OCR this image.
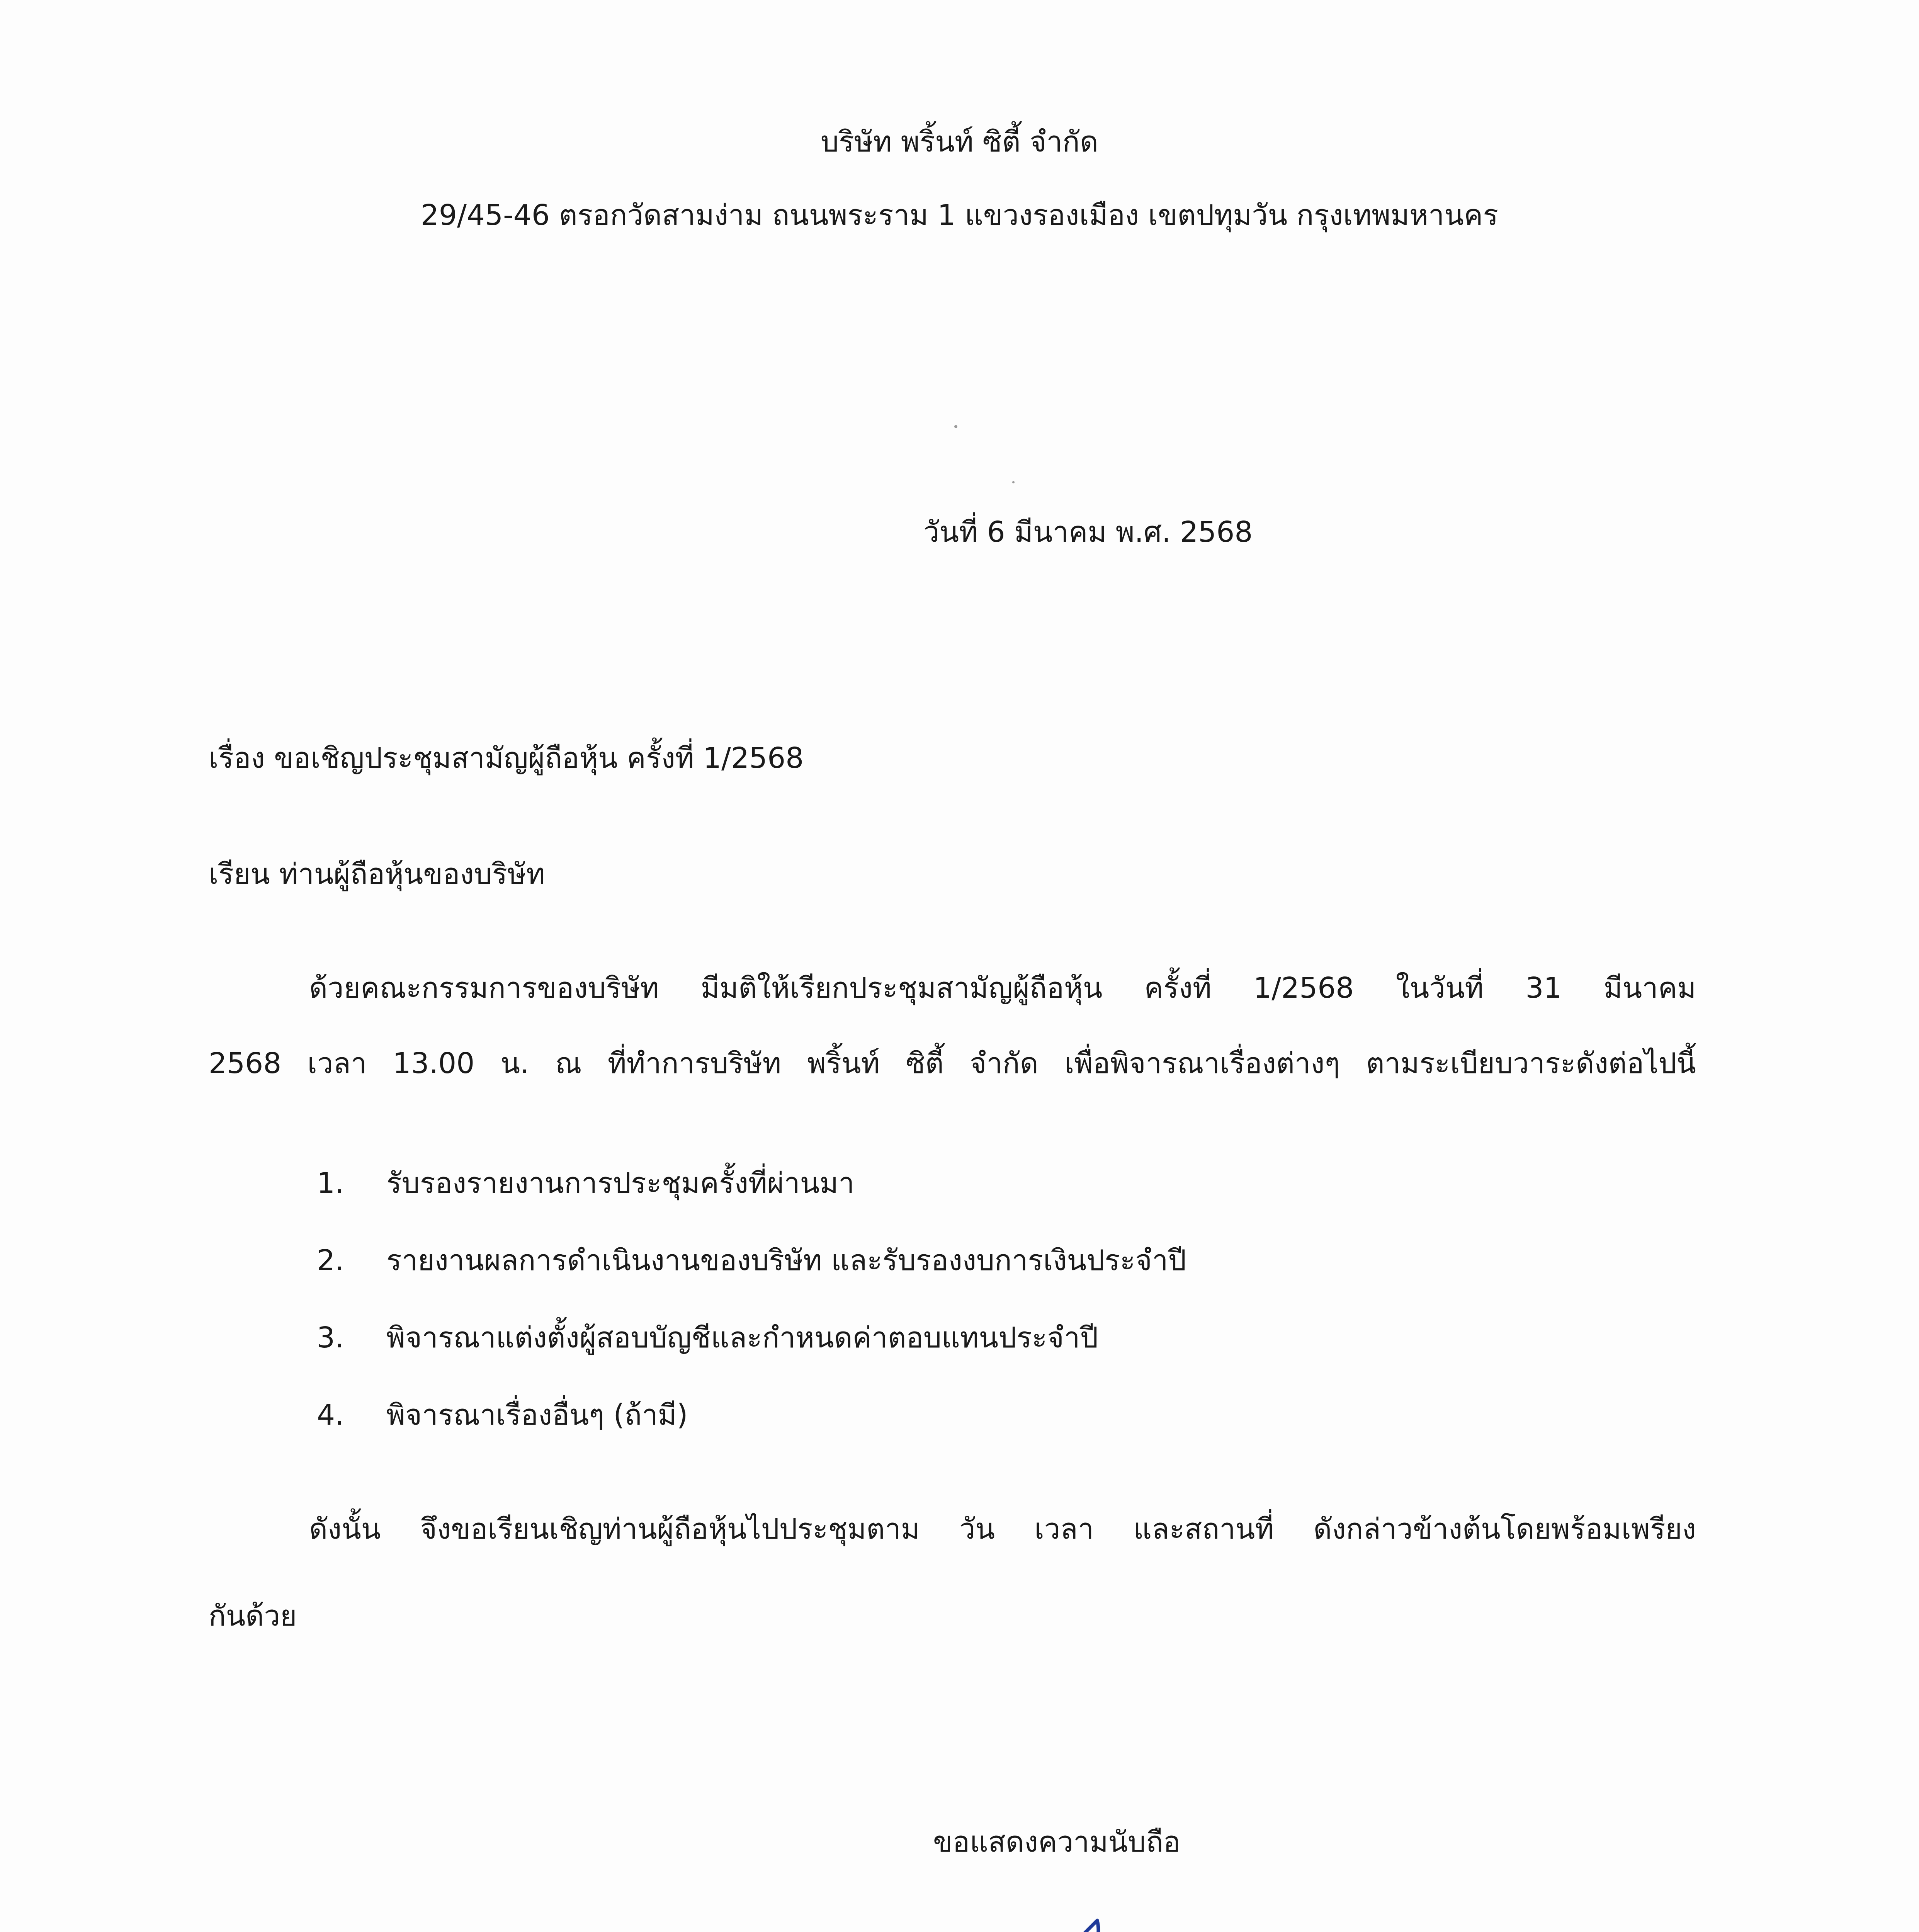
บริษัท พริ้นท์ ซิตี้ จำกัด
29/45-46 ตรอกวัดสามง่าม ถนนพระราม 1 แขวงรองเมือง เขตปทุมวัน กรุงเทพมหานคร
วันที่ 6 มีนาคม พ.ศ. 2568
เรื่อง ขอเชิญประชุมสามัญผู้ถือหุ้น ครั้งที่ 1/2568
เรียน ท่านผู้ถือหุ้นของบริษัท
ด้วยคณะกรรมการของบริษัท มีมติให้เรียกประชุมสามัญผู้ถือหุ้น ครั้งที่ 1/2568 ในวันที่ 31 มีนาคม
2568 เวลา 13.00 น. ณ ที่ทำการบริษัท พริ้นท์ ซิตี้ จำกัด เพื่อพิจารณาเรื่องต่างๆ ตามระเบียบวาระดังต่อไปนี้
1. รับรองรายงานการประชุมครั้งที่ผ่านมา
2. รายงานผลการดำเนินงานของบริษัท และรับรองงบการเงินประจำปี
3. พิจารณาแต่งตั้งผู้สอบบัญชีและกำหนดค่าตอบแทนประจำปี
4. พิจารณาเรื่องอื่นๆ (ถ้ามี)
ดังนั้น จึงขอเรียนเชิญท่านผู้ถือหุ้นไปประชุมตาม วัน เวลา และสถานที่ ดังกล่าวข้างต้นโดยพร้อมเพรียง
กันด้วย
ขอแสดงความนับถือ
